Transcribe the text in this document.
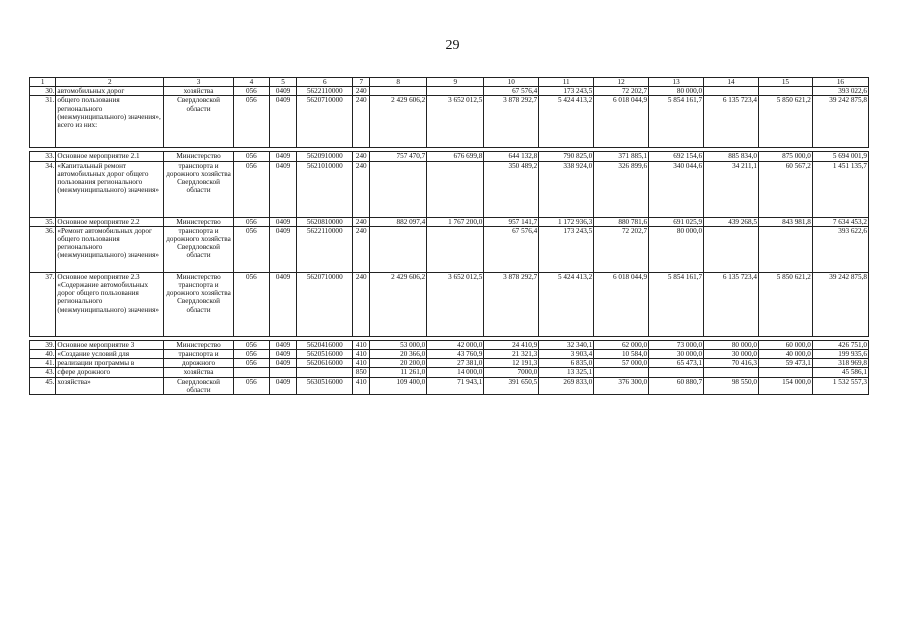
29
1	2	3	4	5	6	7	8	9	10	11	12	13	14	15	16
30.	автомобильных дорог	хозяйства	056	0409	5622110000	240			67 576,4	173 243,5	72 202,7	80 000,0			393 022,6
31.	общего пользования регионального (межмуниципального) значения», всего из них:	Свердловской области	056	0409	5620710000	240	2 429 606,2	3 652 012,5	3 878 292,7	5 424 413,2	6 018 044,9	5 854 161,7	6 135 723,4	5 850 621,2	39 242 875,8

33.	Основное мероприятие 2.1	Министерство	056	0409	5620910000	240	757 470,7	676 699,8	644 132,8	790 825,0	371 885,1	692 154,6	885 834,0	875 000,0	5 694 001,9
34.	«Капитальный ремонт автомобильных дорог общего пользования регионального (межмуниципального) значения»	транспорта и дорожного хозяйства Свердловской области	056	0409	5621010000	240			350 489,2	338 924,0	326 899,6	340 044,6	34 211,1	60 567,2	1 451 135,7
35.	Основное мероприятие 2.2	Министерство	056	0409	5620810000	240	882 097,4	1 767 200,0	957 141,7	1 172 936,3	880 781,6	691 025,9	439 268,5	843 981,8	7 634 453,2
36.	«Ремонт автомобильных дорог общего пользования регионального (межмуниципального) значения»	транспорта и дорожного хозяйства Свердловской области	056	0409	5622110000	240			67 576,4	173 243,5	72 202,7	80 000,0			393 622,6
37.	Основное мероприятие 2.3 «Содержание автомобильных дорог общего пользования регионального (межмуниципального) значения»	Министерство транспорта и дорожного хозяйства Свердловской области	056	0409	5620710000	240	2 429 606,2	3 652 012,5	3 878 292,7	5 424 413,2	6 018 044,9	5 854 161,7	6 135 723,4	5 850 621,2	39 242 875,8

39.	Основное мероприятие 3	Министерство	056	0409	5620416000	410	53 000,0	42 000,0	24 410,9	32 340,1	62 000,0	73 000,0	80 000,0	60 000,0	426 751,0
40.	«Создание условий для	транспорта и	056	0409	5620516000	410	20 366,0	43 760,9	21 321,3	3 903,4	10 584,0	30 000,0	30 000,0	40 000,0	199 935,6
41.	реализации программы в	дорожного	056	0409	5620616000	410	20 200,0	27 381,0	12 191,3	6 835,0	57 000,0	65 473,1	70 416,3	59 473,1	318 969,8
43.	сфере дорожного	хозяйства				850	11 261,0	14 000,0	7000,0	13 325,1					45 586,1
45.	хозяйства»	Свердловской области	056	0409	5630516000	410	109 400,0	71 943,1	391 650,5	269 833,0	376 300,0	60 880,7	98 550,0	154 000,0	1 532 557,3
